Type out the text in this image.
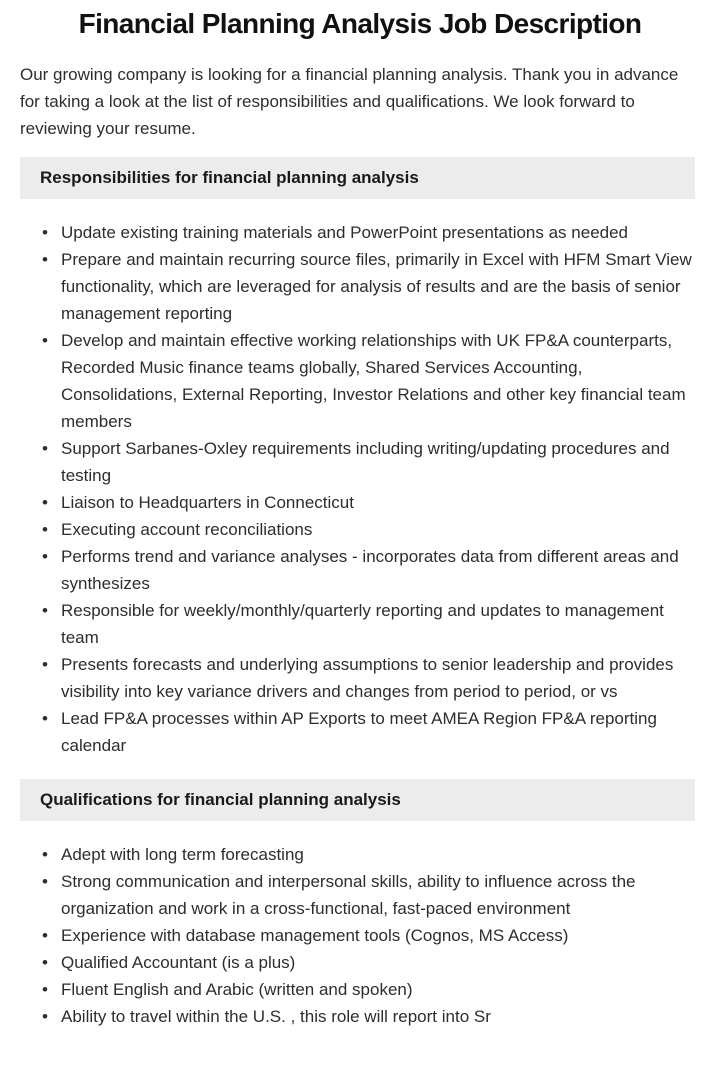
Financial Planning Analysis Job Description

Our growing company is looking for a financial planning analysis. Thank you in advance for taking a look at the list of responsibilities and qualifications. We look forward to reviewing your resume.

Responsibilities for financial planning analysis
• Update existing training materials and PowerPoint presentations as needed
• Prepare and maintain recurring source files, primarily in Excel with HFM Smart View functionality, which are leveraged for analysis of results and are the basis of senior management reporting
• Develop and maintain effective working relationships with UK FP&A counterparts, Recorded Music finance teams globally, Shared Services Accounting, Consolidations, External Reporting, Investor Relations and other key financial team members
• Support Sarbanes-Oxley requirements including writing/updating procedures and testing
• Liaison to Headquarters in Connecticut
• Executing account reconciliations
• Performs trend and variance analyses - incorporates data from different areas and synthesizes
• Responsible for weekly/monthly/quarterly reporting and updates to management team
• Presents forecasts and underlying assumptions to senior leadership and provides visibility into key variance drivers and changes from period to period, or vs
• Lead FP&A processes within AP Exports to meet AMEA Region FP&A reporting calendar
Qualifications for financial planning analysis
• Adept with long term forecasting
• Strong communication and interpersonal skills, ability to influence across the organization and work in a cross-functional, fast-paced environment
• Experience with database management tools (Cognos, MS Access)
• Qualified Accountant (is a plus)
• Fluent English and Arabic (written and spoken)
• Ability to travel within the U.S. , this role will report into Sr
